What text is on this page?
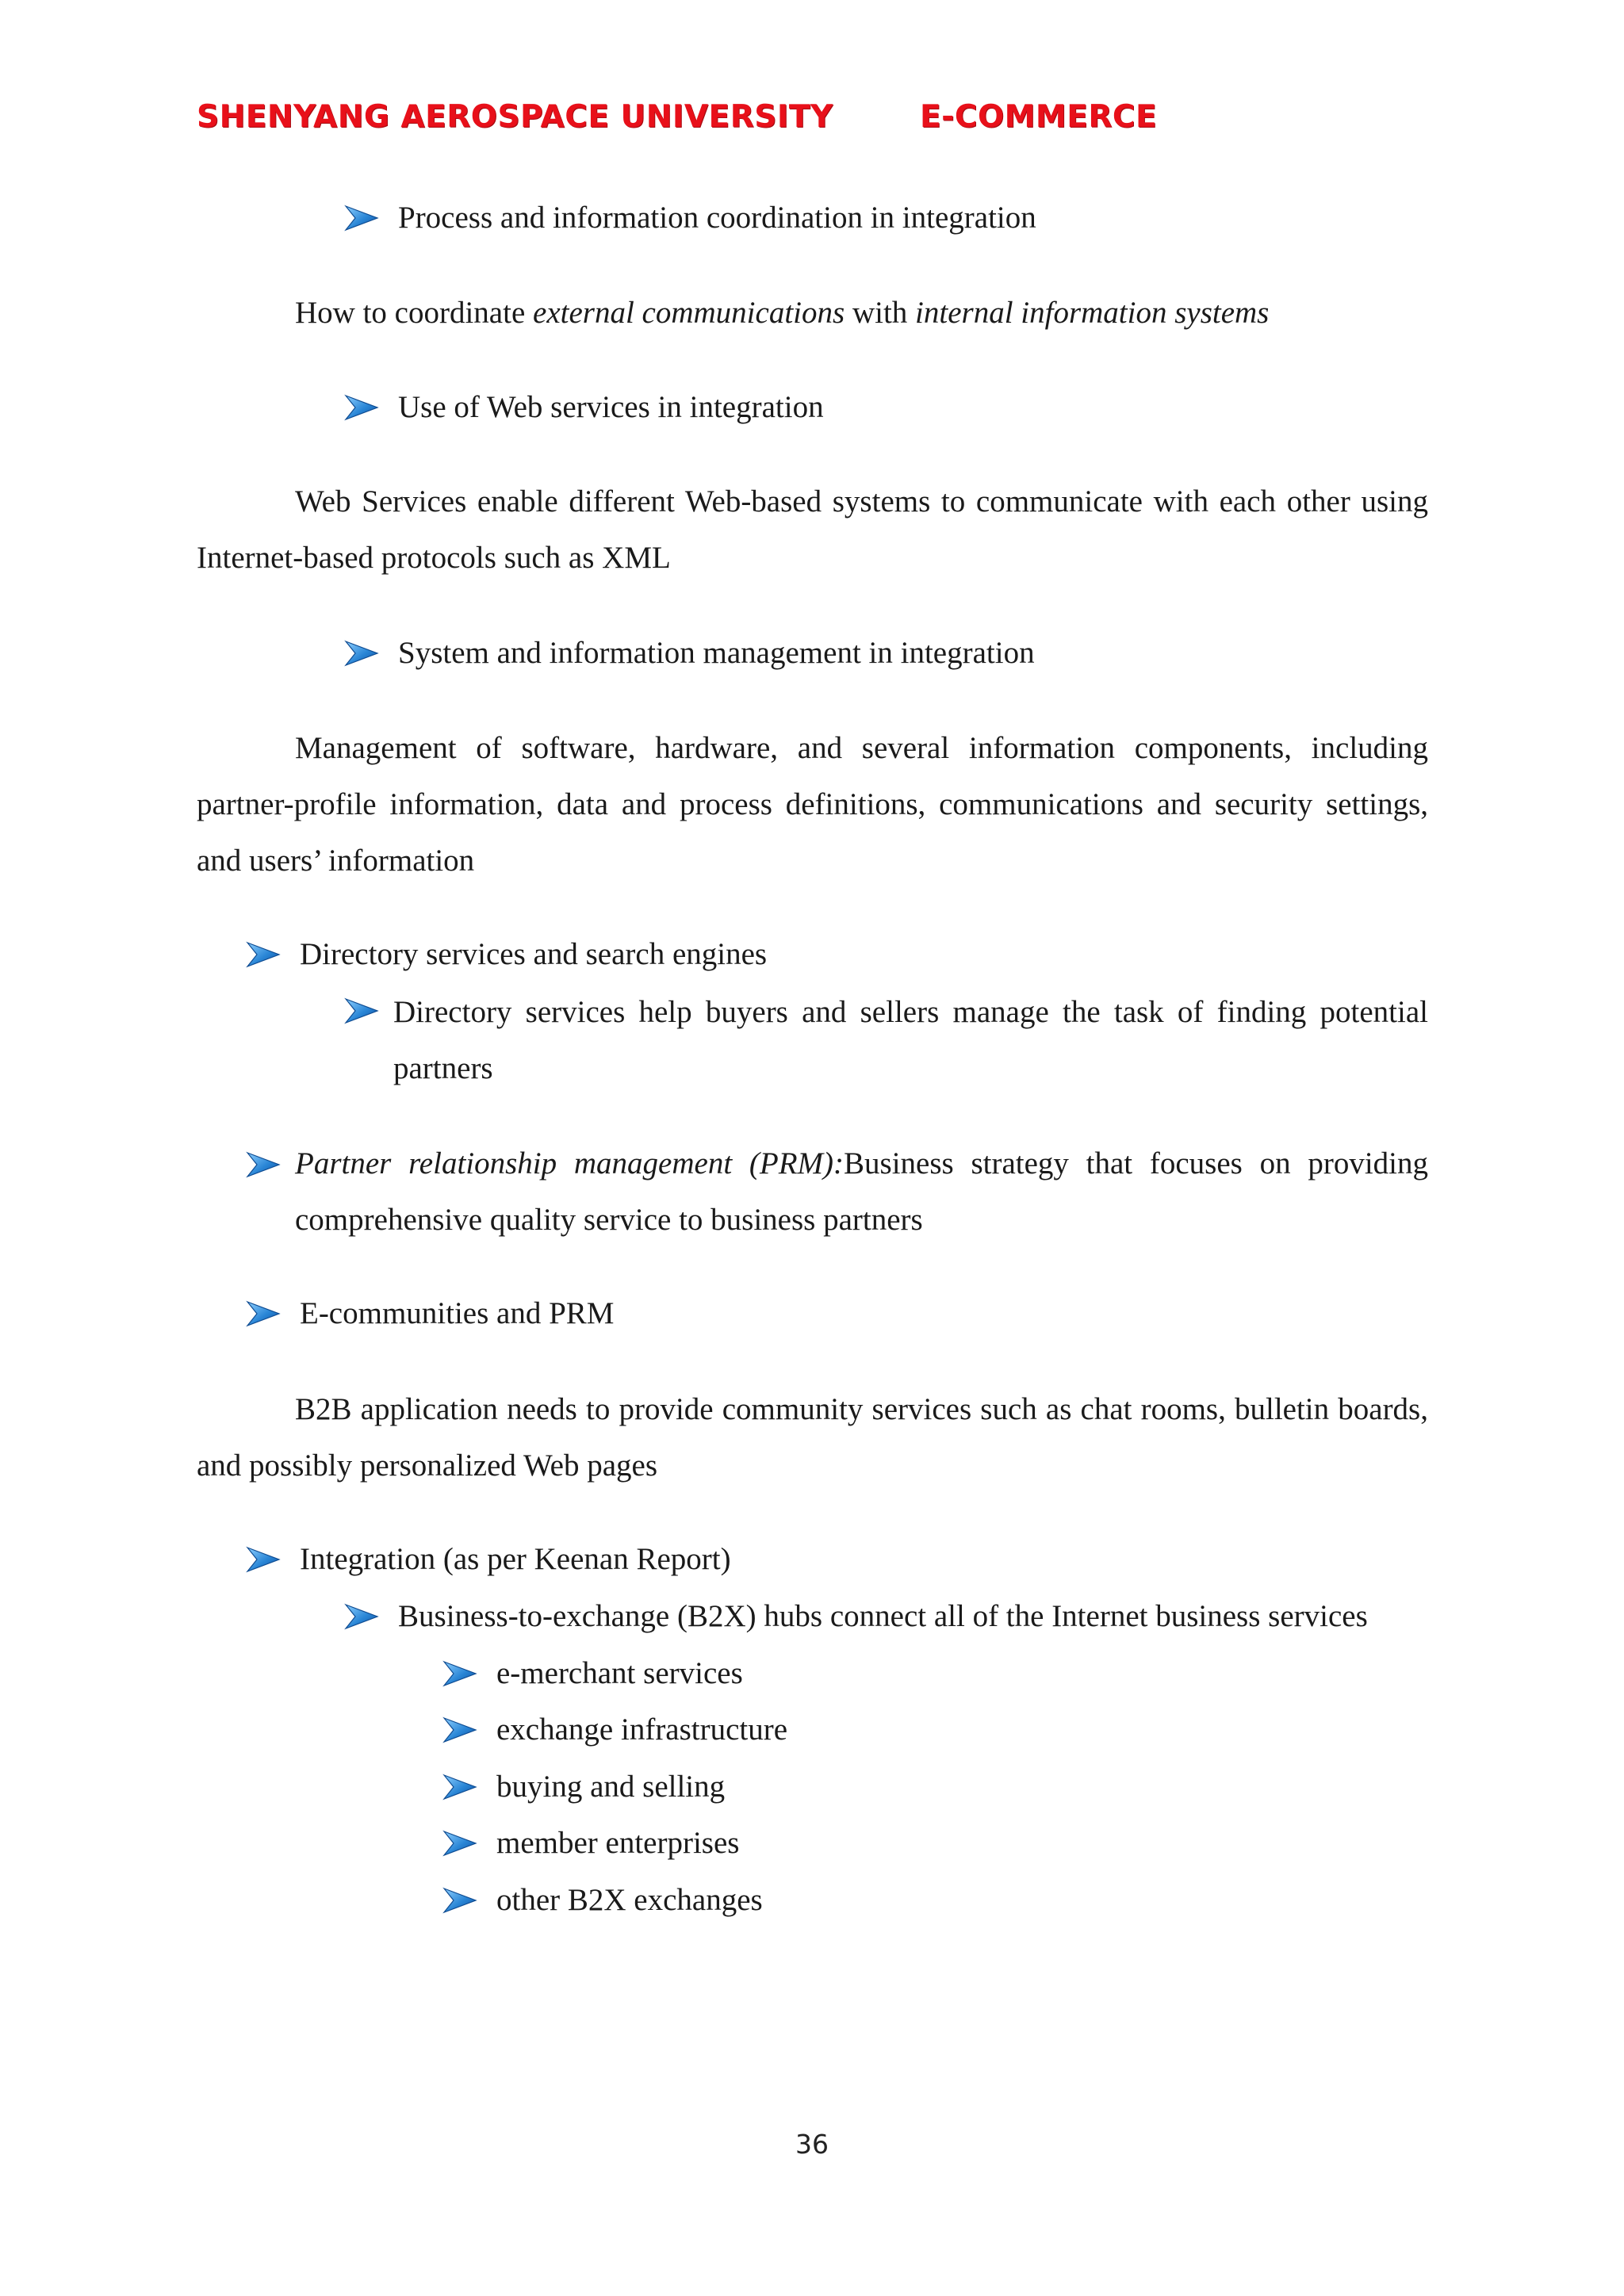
SHENYANG AEROSPACE UNIVERSITY	E-COMMERCE
Process and information coordination in integration
How to coordinate external communications with internal information systems
Use of Web services in integration
Web Services enable different Web-based systems to communicate with each other using Internet-based protocols such as XML
System and information management in integration
Management of software, hardware, and several information components, including partner-profile information, data and process definitions, communications and security settings, and users’ information
Directory services and search engines
Directory services help buyers and sellers manage the task of finding potential partners
Partner relationship management (PRM):Business strategy that focuses on providing comprehensive quality service to business partners
E-communities and PRM
B2B application needs to provide community services such as chat rooms, bulletin boards, and possibly personalized Web pages
Integration (as per Keenan Report)
Business-to-exchange (B2X) hubs connect all of the Internet business services
e-merchant services
exchange infrastructure
buying and selling
member enterprises
other B2X exchanges
36
